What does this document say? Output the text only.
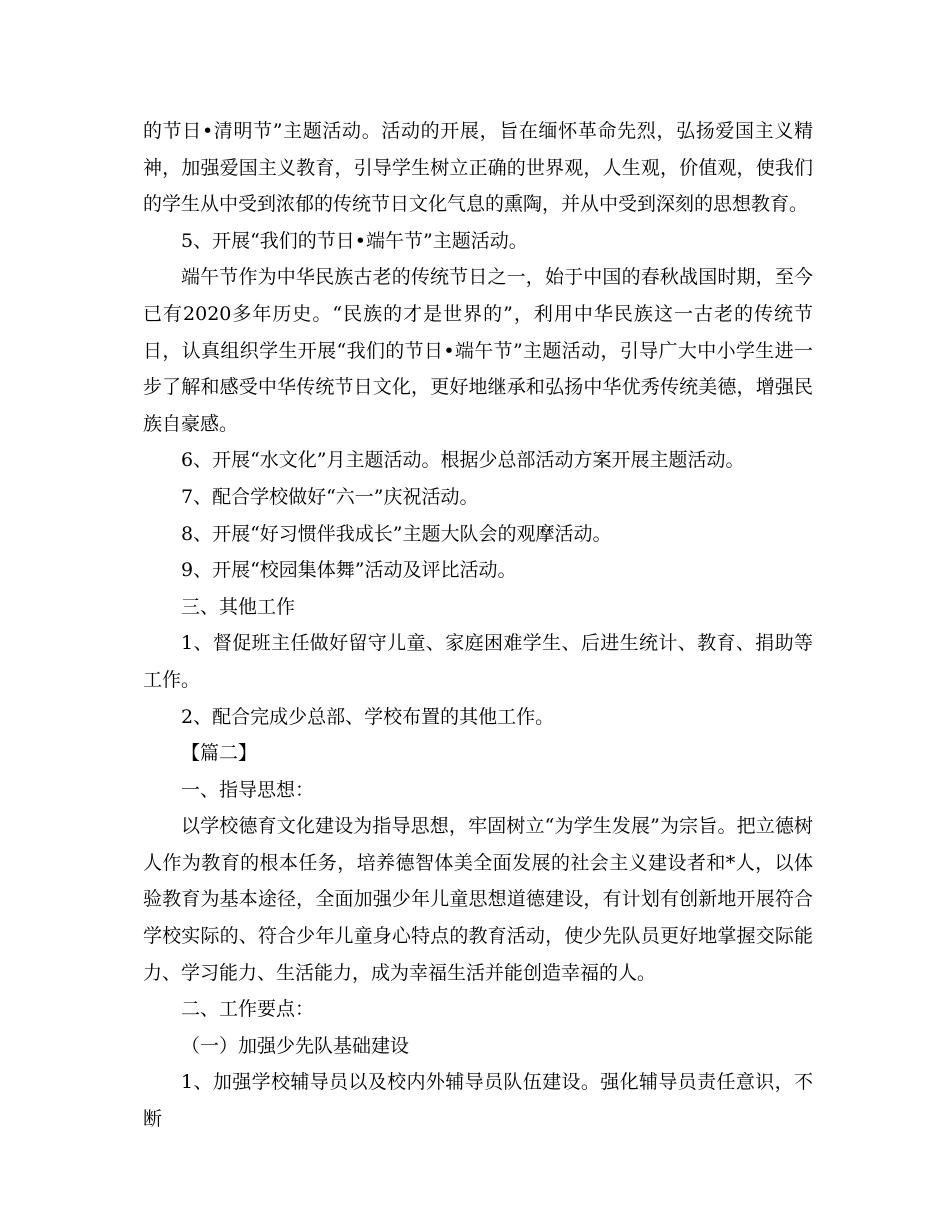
的节日•清明节”主题活动。活动的开展，旨在缅怀革命先烈，弘扬爱国主义精神，加强爱国主义教育，引导学生树立正确的世界观，人生观，价值观，使我们的学生从中受到浓郁的传统节日文化气息的熏陶，并从中受到深刻的思想教育。

5、开展“我们的节日•端午节”主题活动。

端午节作为中华民族古老的传统节日之一，始于中国的春秋战国时期，至今已有2020多年历史。“民族的才是世界的”，利用中华民族这一古老的传统节日，认真组织学生开展“我们的节日•端午节”主题活动，引导广大中小学生进一步了解和感受中华传统节日文化，更好地继承和弘扬中华优秀传统美德，增强民族自豪感。

6、开展“水文化”月主题活动。根据少总部活动方案开展主题活动。

7、配合学校做好“六一”庆祝活动。

8、开展“好习惯伴我成长”主题大队会的观摩活动。

9、开展“校园集体舞”活动及评比活动。

三、其他工作

1、督促班主任做好留守儿童、家庭困难学生、后进生统计、教育、捐助等工作。

2、配合完成少总部、学校布置的其他工作。

【篇二】

一、指导思想：

以学校德育文化建设为指导思想，牢固树立“为学生发展”为宗旨。把立德树人作为教育的根本任务，培养德智体美全面发展的社会主义建设者和*人，以体验教育为基本途径，全面加强少年儿童思想道德建设，有计划有创新地开展符合学校实际的、符合少年儿童身心特点的教育活动，使少先队员更好地掌握交际能力、学习能力、生活能力，成为幸福生活并能创造幸福的人。

二、工作要点：

（一）加强少先队基础建设

1、加强学校辅导员以及校内外辅导员队伍建设。强化辅导员责任意识，不断
